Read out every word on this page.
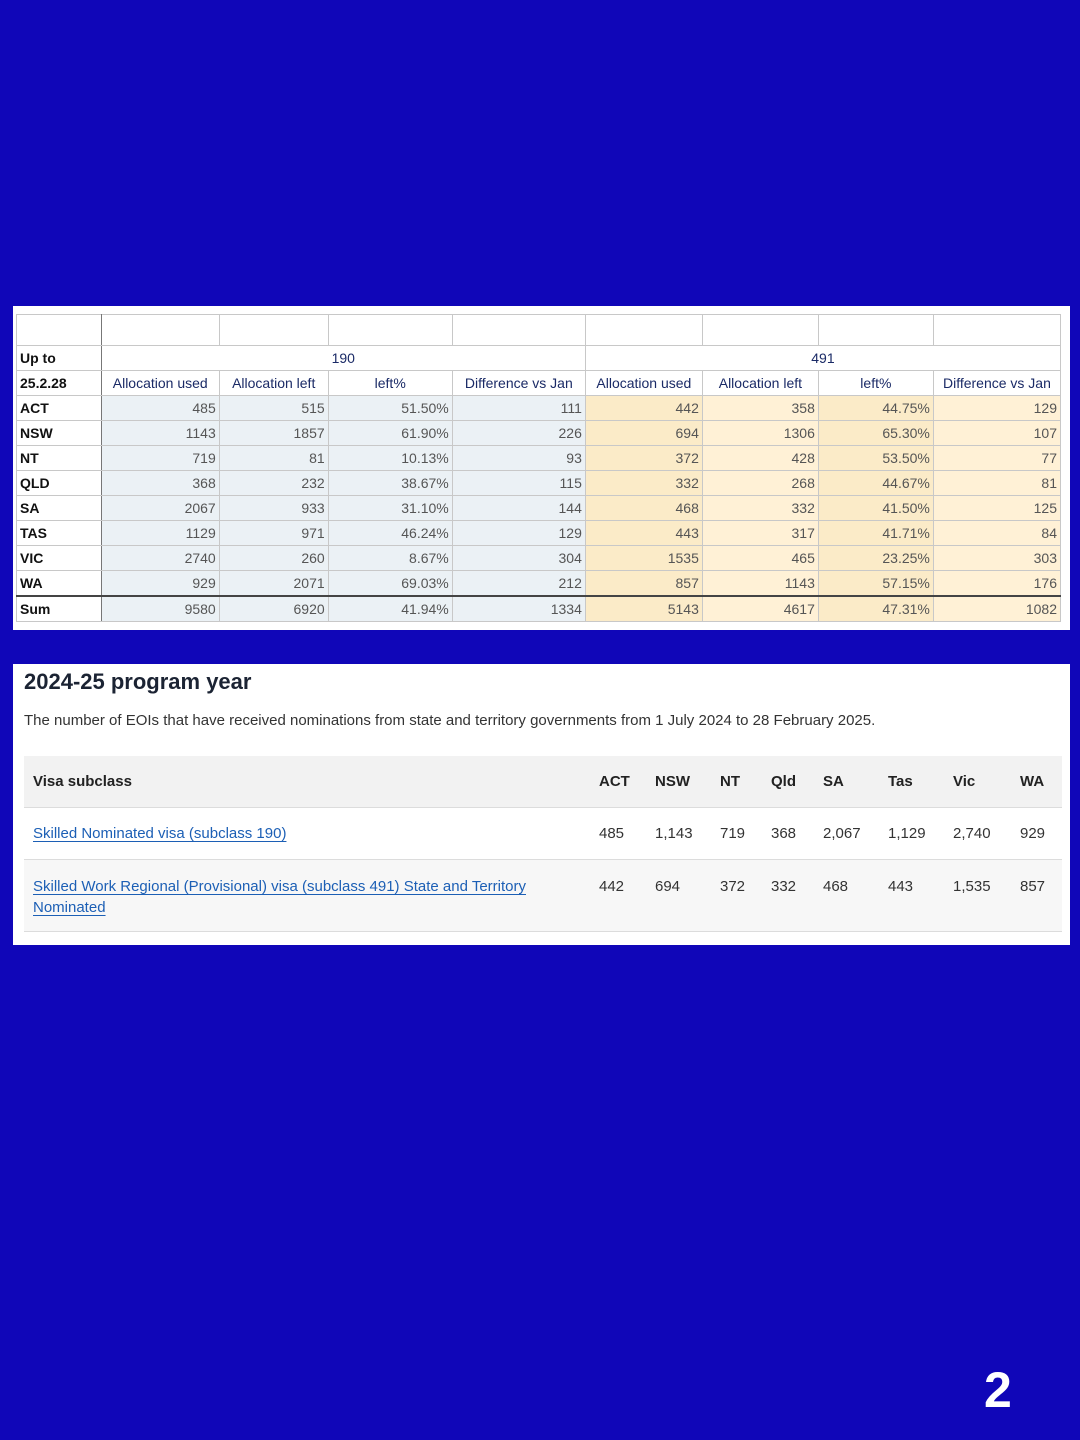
Up to	190				491			
25.2.28	Allocation used	Allocation left	left%	Difference vs Jan	Allocation used	Allocation left	left%	Difference vs Jan
ACT	485	515	51.50%	111	442	358	44.75%	129
NSW	1143	1857	61.90%	226	694	1306	65.30%	107
NT	719	81	10.13%	93	372	428	53.50%	77
QLD	368	232	38.67%	115	332	268	44.67%	81
SA	2067	933	31.10%	144	468	332	41.50%	125
TAS	1129	971	46.24%	129	443	317	41.71%	84
VIC	2740	260	8.67%	304	1535	465	23.25%	303
WA	929	2071	69.03%	212	857	1143	57.15%	176
Sum	9580	6920	41.94%	1334	5143	4617	47.31%	1082
2024-25 program year
The number of EOIs that have received nominations from state and territory governments from 1 July 2024 to 28 February 2025.
Visa subclass	ACT	NSW	NT	Qld	SA	Tas	Vic	WA
Skilled Nominated visa (subclass 190)	485	1,143	719	368	2,067	1,129	2,740	929
Skilled Work Regional (Provisional) visa (subclass 491) State and Territory Nominated	442	694	372	332	468	443	1,535	857
2
